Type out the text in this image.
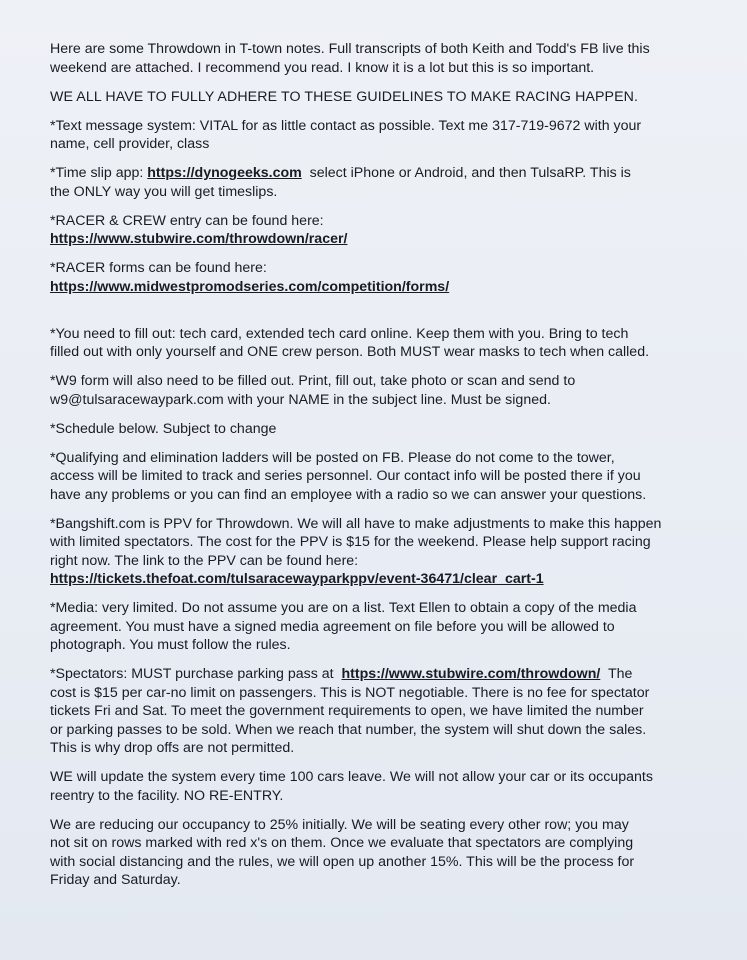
Here are some Throwdown in T-town notes. Full transcripts of both Keith and Todd's FB live this
weekend are attached. I recommend you read. I know it is a lot but this is so important.

WE ALL HAVE TO FULLY ADHERE TO THESE GUIDELINES TO MAKE RACING HAPPEN.

*Text message system: VITAL for as little contact as possible. Text me 317-719-9672 with your
name, cell provider, class

*Time slip app: https://dynogeeks.com  select iPhone or Android, and then TulsaRP. This is
the ONLY way you will get timeslips.

*RACER & CREW entry can be found here:
https://www.stubwire.com/throwdown/racer/

*RACER forms can be found here:
https://www.midwestpromodseries.com/competition/forms/

*You need to fill out: tech card, extended tech card online. Keep them with you. Bring to tech
filled out with only yourself and ONE crew person. Both MUST wear masks to tech when called.

*W9 form will also need to be filled out. Print, fill out, take photo or scan and send to
w9@tulsaracewaypark.com with your NAME in the subject line. Must be signed.

*Schedule below. Subject to change

*Qualifying and elimination ladders will be posted on FB. Please do not come to the tower,
access will be limited to track and series personnel. Our contact info will be posted there if you
have any problems or you can find an employee with a radio so we can answer your questions.

*Bangshift.com is PPV for Throwdown. We will all have to make adjustments to make this happen
with limited spectators. The cost for the PPV is $15 for the weekend. Please help support racing
right now. The link to the PPV can be found here:
https://tickets.thefoat.com/tulsaracewayparkppv/event-36471/clear_cart-1

*Media: very limited. Do not assume you are on a list. Text Ellen to obtain a copy of the media
agreement. You must have a signed media agreement on file before you will be allowed to
photograph. You must follow the rules.

*Spectators: MUST purchase parking pass at  https://www.stubwire.com/throwdown/  The
cost is $15 per car-no limit on passengers. This is NOT negotiable. There is no fee for spectator
tickets Fri and Sat. To meet the government requirements to open, we have limited the number
or parking passes to be sold. When we reach that number, the system will shut down the sales.
This is why drop offs are not permitted.

WE will update the system every time 100 cars leave. We will not allow your car or its occupants
reentry to the facility. NO RE-ENTRY.

We are reducing our occupancy to 25% initially. We will be seating every other row; you may
not sit on rows marked with red x's on them. Once we evaluate that spectators are complying
with social distancing and the rules, we will open up another 15%. This will be the process for
Friday and Saturday.
